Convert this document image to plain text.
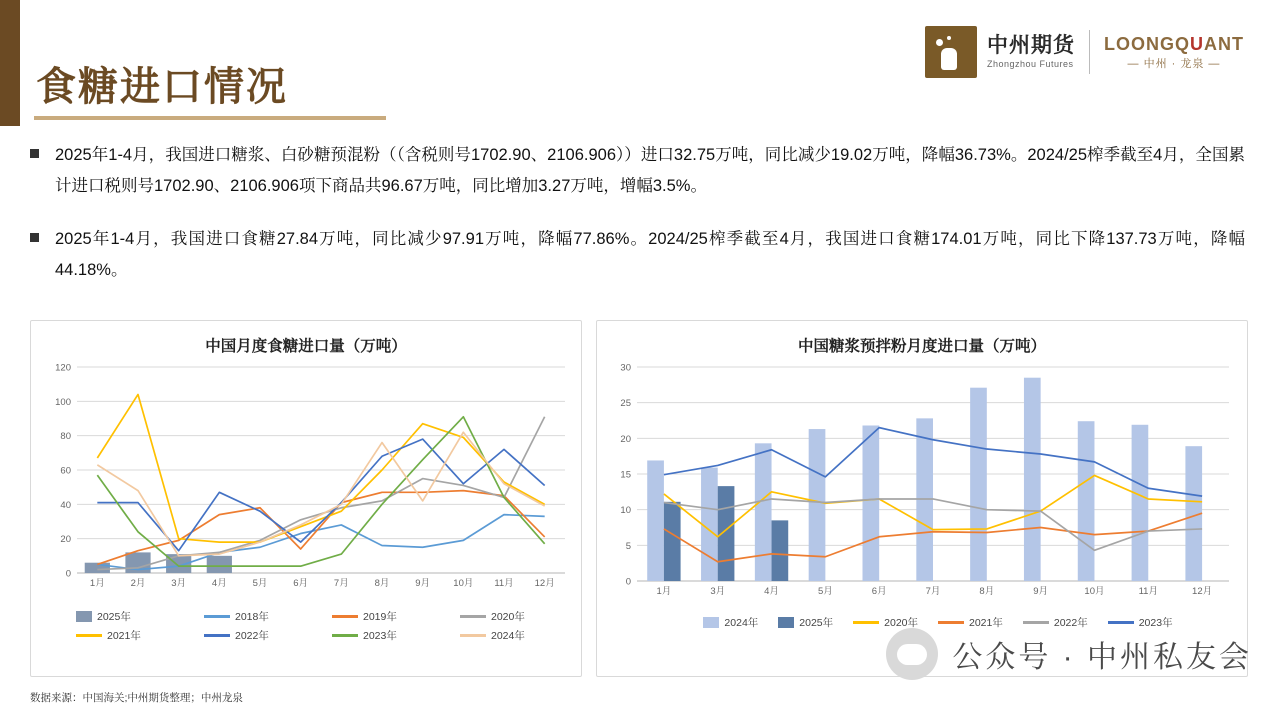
食糖进口情况
中州期货
Zhongzhou Futures
LOONGQUANT
— 中州 · 龙泉 —
2025年1-4月，我国进口糖浆、白砂糖预混粉（（含税则号1702.90、2106.906））进口32.75万吨，同比减少19.02万吨，降幅36.73%。2024/25榨季截至4月，全国累计进口税则号1702.90、2106.906项下商品共96.67万吨，同比增加3.27万吨，增幅3.5%。
2025年1-4月，我国进口食糖27.84万吨，同比减少97.91万吨，降幅77.86%。2024/25榨季截至4月，我国进口食糖174.01万吨，同比下降137.73万吨，降幅44.18%。
中国月度食糖进口量（万吨）
0
20
40
60
80
100
120
1月	2月	3月	4月	5月	6月	7月	8月	9月 10月 11月 12月
2025年	2018年	2019年	2020年
2021年	2022年	2023年	2024年
中国糖浆预拌粉月度进口量（万吨）
0
5
10
15
20
25
30
1月	3月	4月	5月	6月	7月	8月	9月	10月	11月	12月
2024年	2025年	2020年	2021年	2022年	2023年
数据来源：中国海关;中州期货整理；中州龙泉
公众号 · 中州私友会
